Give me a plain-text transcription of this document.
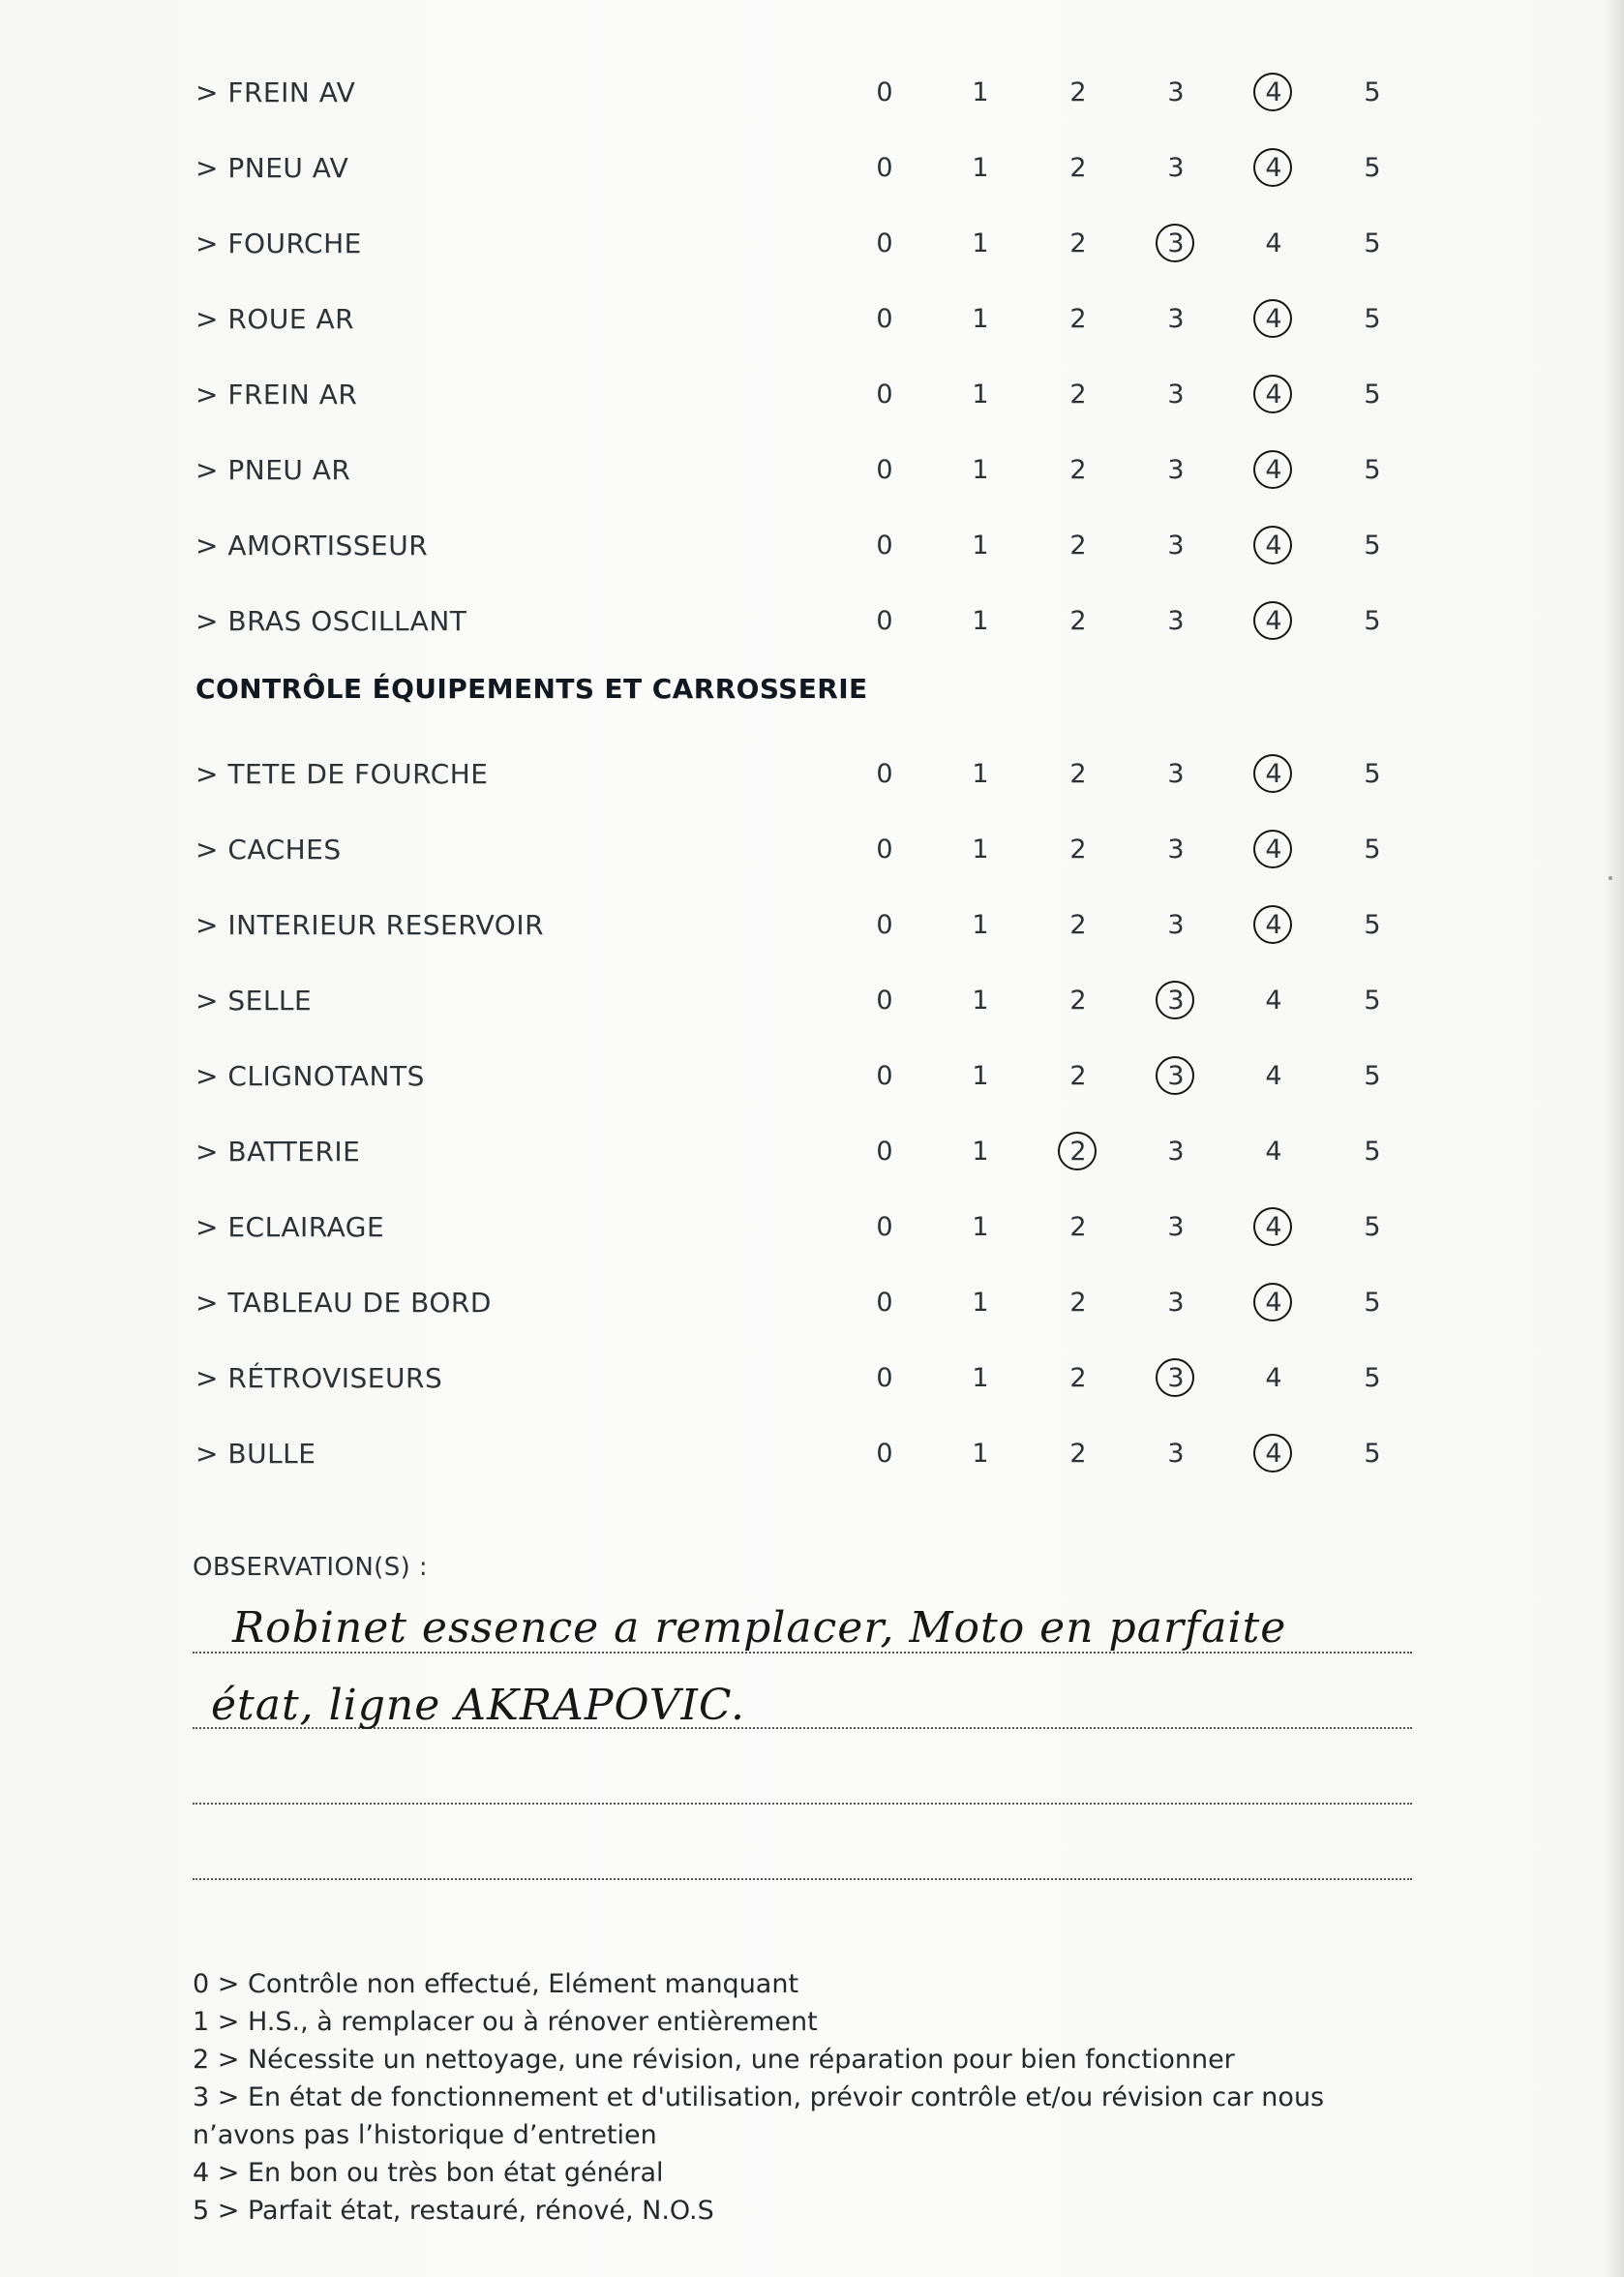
> FREIN AV	0	1	2	3	4	5
> PNEU AV	0	1	2	3	4	5
> FOURCHE	0	1	2	3	4	5
> ROUE AR	0	1	2	3	4	5
> FREIN AR	0	1	2	3	4	5
> PNEU AR	0	1	2	3	4	5
> AMORTISSEUR	0	1	2	3	4	5
> BRAS OSCILLANT	0	1	2	3	4	5
CONTRÔLE ÉQUIPEMENTS ET CARROSSERIE
> TETE DE FOURCHE	0	1	2	3	4	5
> CACHES	0	1	2	3	4	5
> INTERIEUR RESERVOIR	0	1	2	3	4	5
> SELLE	0	1	2	3	4	5
> CLIGNOTANTS	0	1	2	3	4	5
> BATTERIE	0	1	2	3	4	5
> ECLAIRAGE	0	1	2	3	4	5
> TABLEAU DE BORD	0	1	2	3	4	5
> RÉTROVISEURS	0	1	2	3	4	5
> BULLE	0	1	2	3	4	5
OBSERVATION(S) :
Robinet essence a remplacer, Moto en parfaite
état, ligne AKRAPOVIC.
0 > Contrôle non effectué, Elément manquant
1 > H.S., à remplacer ou à rénover entièrement
2 > Nécessite un nettoyage, une révision, une réparation pour bien fonctionner
3 > En état de fonctionnement et d'utilisation, prévoir contrôle et/ou révision car nous
n’avons pas l’historique d’entretien
4 > En bon ou très bon état général
5 > Parfait état, restauré, rénové, N.O.S
